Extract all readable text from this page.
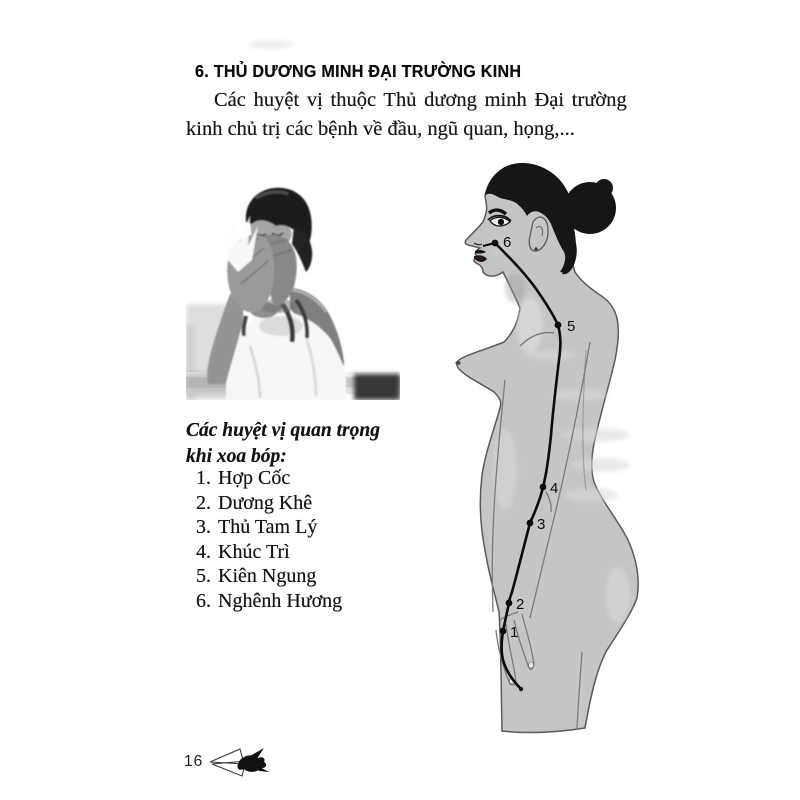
6. THỦ DƯƠNG MINH ĐẠI TRƯỜNG KINH
Các huyệt vị thuộc Thủ dương minh Đại trường
kinh chủ trị các bệnh về đầu, ngũ quan, họng,...
6
5
4
3
2
1
Các huyệt vị quan trọng
khi xoa bóp:
1. Hợp Cốc
2. Dương Khê
3. Thủ Tam Lý
4. Khúc Trì
5. Kiên Ngung
6. Nghênh Hương
16
